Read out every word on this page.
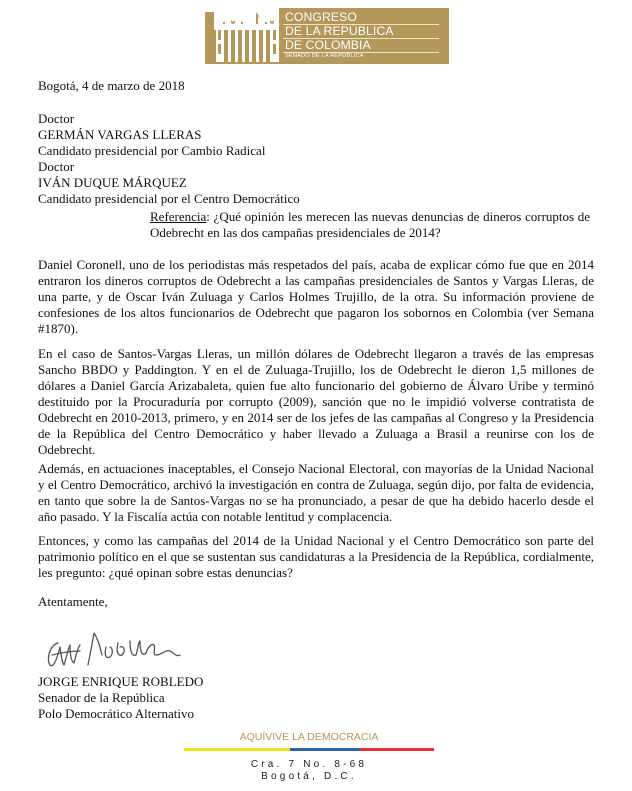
CONGRESO
DE LA REPÚBLICA
DE COLOMBIA
SENADO DE LA REPÚBLICA
Bogotá, 4 de marzo de 2018
Doctor
GERMÁN VARGAS LLERAS
Candidato presidencial por Cambio Radical
Doctor
IVÁN DUQUE MÁRQUEZ
Candidato presidencial por el Centro Democrático
Referencia: ¿Qué opinión les merecen las nuevas denuncias de dineros corruptos de Odebrecht en las dos campañas presidenciales de 2014?
Daniel Coronell, uno de los periodistas más respetados del país, acaba de explicar cómo fue que en 2014 entraron los dineros corruptos de Odebrecht a las campañas presidenciales de Santos y Vargas Lleras, de una parte, y de Oscar Iván Zuluaga y Carlos Holmes Trujillo, de la otra. Su información proviene de confesiones de los altos funcionarios de Odebrecht que pagaron los sobornos en Colombia (ver Semana #1870).
En el caso de Santos-Vargas Lleras, un millón dólares de Odebrecht llegaron a través de las empresas Sancho BBDO y Paddington. Y en el de Zuluaga-Trujillo, los de Odebrecht le dieron 1,5 millones de dólares a Daniel García Arizabaleta, quien fue alto funcionario del gobierno de Álvaro Uribe y terminó destituido por la Procuraduría por corrupto (2009), sanción que no le impidió volverse contratista de Odebrecht en 2010-2013, primero, y en 2014 ser de los jefes de las campañas al Congreso y la Presidencia de la República del Centro Democrático y haber llevado a Zuluaga a Brasil a reunirse con los de Odebrecht.
Además, en actuaciones inaceptables, el Consejo Nacional Electoral, con mayorías de la Unidad Nacional y el Centro Democrático, archivó la investigación en contra de Zuluaga, según dijo, por falta de evidencia, en tanto que sobre la de Santos-Vargas no se ha pronunciado, a pesar de que ha debido hacerlo desde el año pasado. Y la Fiscalía actúa con notable lentitud y complacencia.
Entonces, y como las campañas del 2014 de la Unidad Nacional y el Centro Democrático son parte del patrimonio político en el que se sustentan sus candidaturas a la Presidencia de la República, cordialmente, les pregunto: ¿qué opinan sobre estas denuncias?
Atentamente,
JORGE ENRIQUE ROBLEDO
Senador de la República
Polo Democrático Alternativo
AQUÍVIVE LA DEMOCRACIA
Cra. 7 No. 8-68
Bogotá, D.C.
